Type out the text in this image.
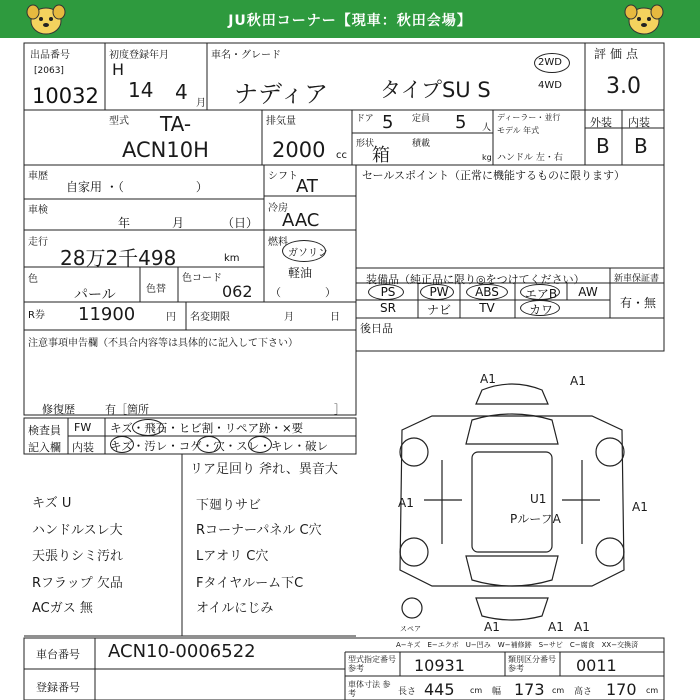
JU秋田コーナー【現車：秋田会場】
出品番号
[2063]
10032
初度登録年月
H
14 4 月
車名・グレード
ナディア タイプSU S
2WD
4WD
評価点
3.0
外装 内装
B B
型式 TA-
ACN10H
排気量
2000 cc
ドア 5 定員 5 人
形状
箱
積載
kg
ディーラー・並行
モデル 年式
ハンドル 左・右
車歴
自家用 ・（　　　　　　）
車検
年	月	（日）
走行
28万2千498	km
色
パール	色替
色コード
062
シフト
AT
冷房
AAC
燃料
ガソリン
軽油
（　　　　）
R券 11900	円 名変期限	月	日
注意事項申告欄（不具合内容等は具体的に記入して下さい）
修復歴	有［箇所	］
セールスポイント（正常に機能するものに限ります）
装備品（純正品に限り◎をつけてください）	新車保証書
有・無
PS	PW	ABS	エアB	AW
SR	ナビ	TV	カワ
後日品
検査員
記入欄
FW
内装
キズ・飛石・ヒビ割・リペア跡・×要
キズ・汚レ・コゲ・穴・スレ・キレ・破レ
リア足回り 斧れ、異音大
キズ U
ハンドルスレ大
天張りシミ汚れ
Rフラップ 欠品
ACガス 無
下廻りサビ
Rコーナーパネル C穴
Lアオリ C穴
Fタイヤルーム下C
オイルにじみ
A1	A1
A1	U1
PルーフA
A1
A1	A1 A1
スペア
A−キズ　E−エクボ　U−凹み　W−補修跡　S−サビ　C−腐食　XX−交換済
車台番号 ACN10-0006522
登録番号
型式指定番号
参考	10931	類別区分番号
参考	0011
車体寸法 参考	長さ 445 cm 幅 173 cm 高さ 170 cm
